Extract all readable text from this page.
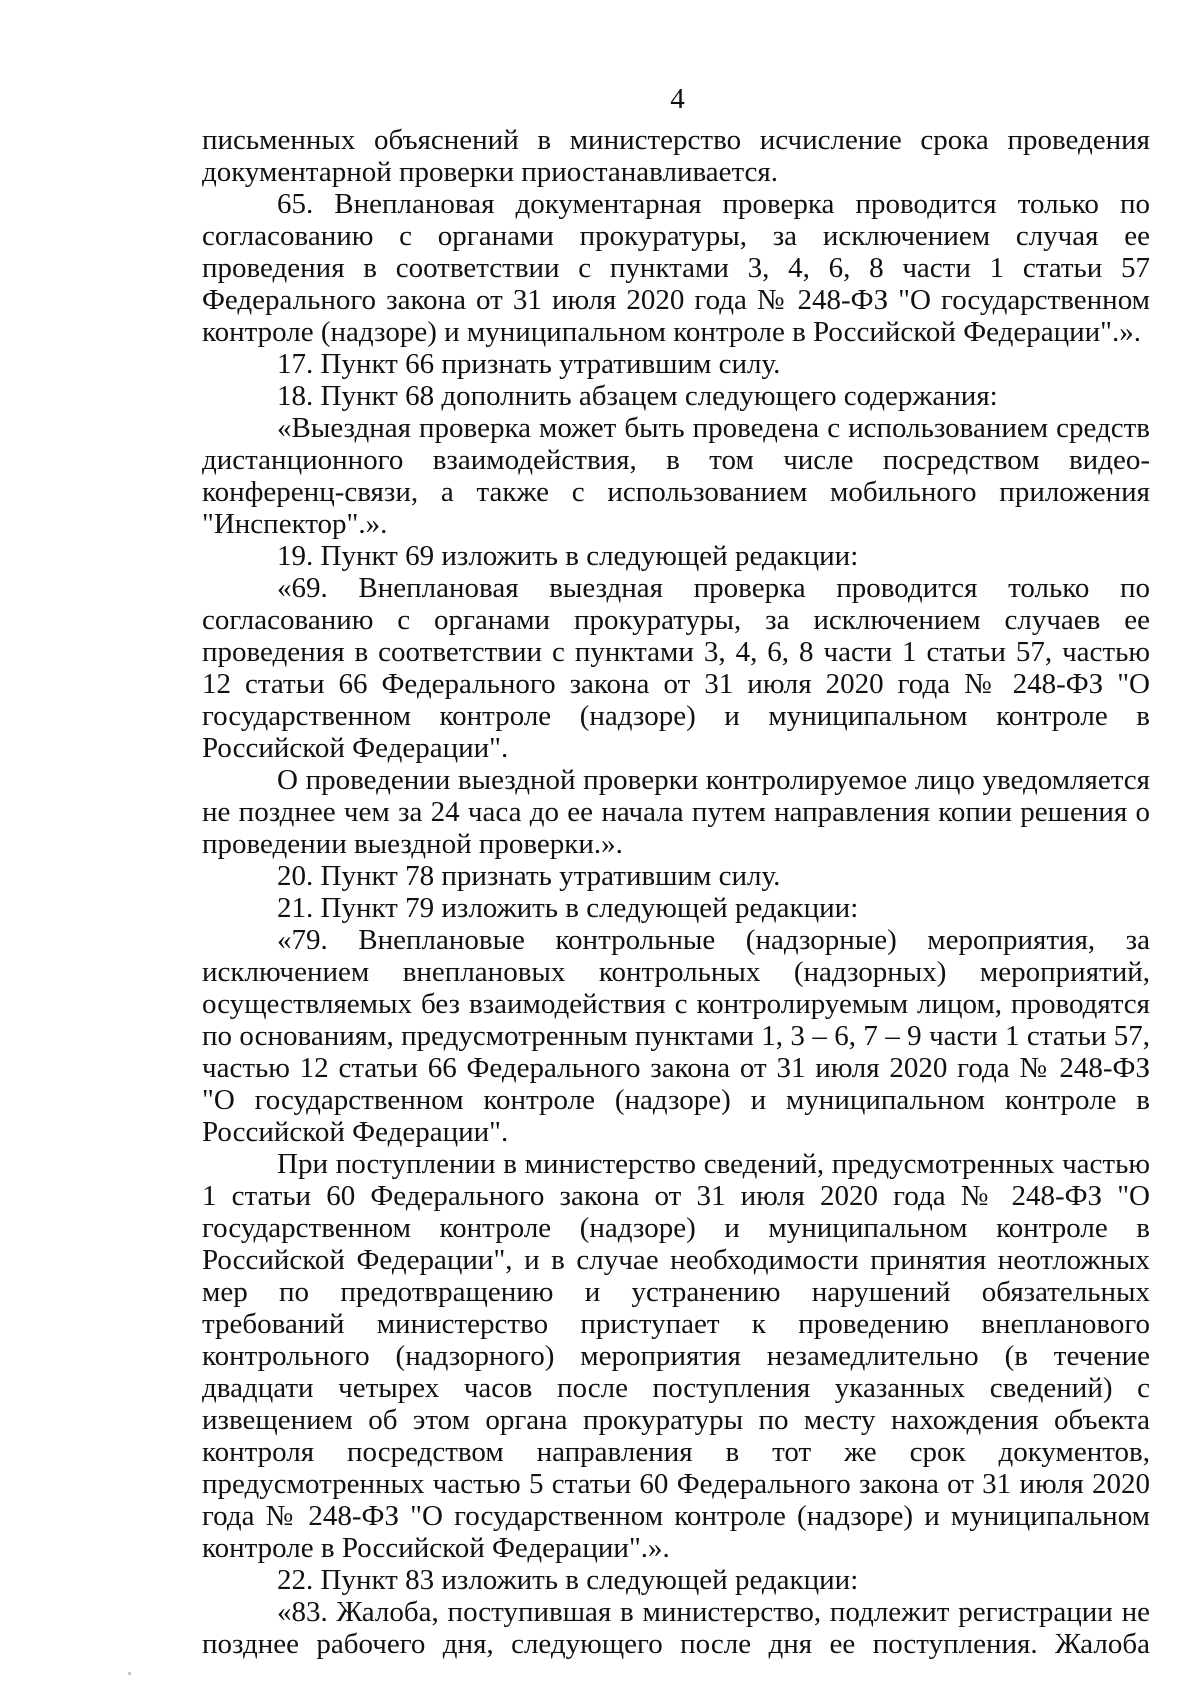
4

письменных объяснений в министерство исчисление срока проведения документарной проверки приостанавливается.

65. Внеплановая документарная проверка проводится только по согласованию с органами прокуратуры, за исключением случая ее проведения в соответствии с пунктами 3, 4, 6, 8 части 1 статьи 57 Федерального закона от 31 июля 2020 года № 248-ФЗ "О государственном контроле (надзоре) и муниципальном контроле в Российской Федерации".».

17. Пункт 66 признать утратившим силу.

18. Пункт 68 дополнить абзацем следующего содержания:

«Выездная проверка может быть проведена с использованием средств дистанционного взаимодействия, в том числе посредством видео-конференц-связи, а также с использованием мобильного приложения "Инспектор".».

19. Пункт 69 изложить в следующей редакции:

«69. Внеплановая выездная проверка проводится только по согласованию с органами прокуратуры, за исключением случаев ее проведения в соответствии с пунктами 3, 4, 6, 8 части 1 статьи 57, частью 12 статьи 66 Федерального закона от 31 июля 2020 года № 248-ФЗ "О государственном контроле (надзоре) и муниципальном контроле в Российской Федерации".

О проведении выездной проверки контролируемое лицо уведомляется не позднее чем за 24 часа до ее начала путем направления копии решения о проведении выездной проверки.».

20. Пункт 78 признать утратившим силу.

21. Пункт 79 изложить в следующей редакции:

«79. Внеплановые контрольные (надзорные) мероприятия, за исключением внеплановых контрольных (надзорных) мероприятий, осуществляемых без взаимодействия с контролируемым лицом, проводятся по основаниям, предусмотренным пунктами 1, 3 – 6, 7 – 9 части 1 статьи 57, частью 12 статьи 66 Федерального закона от 31 июля 2020 года № 248-ФЗ "О государственном контроле (надзоре) и муниципальном контроле в Российской Федерации".

При поступлении в министерство сведений, предусмотренных частью 1 статьи 60 Федерального закона от 31 июля 2020 года № 248-ФЗ "О государственном контроле (надзоре) и муниципальном контроле в Российской Федерации", и в случае необходимости принятия неотложных мер по предотвращению и устранению нарушений обязательных требований министерство приступает к проведению внепланового контрольного (надзорного) мероприятия незамедлительно (в течение двадцати четырех часов после поступления указанных сведений) с извещением об этом органа прокуратуры по месту нахождения объекта контроля посредством направления в тот же срок документов, предусмотренных частью 5 статьи 60 Федерального закона от 31 июля 2020 года № 248-ФЗ "О государственном контроле (надзоре) и муниципальном контроле в Российской Федерации".».

22. Пункт 83 изложить в следующей редакции:

«83. Жалоба, поступившая в министерство, подлежит регистрации не позднее рабочего дня, следующего после дня ее поступления. Жалоба
